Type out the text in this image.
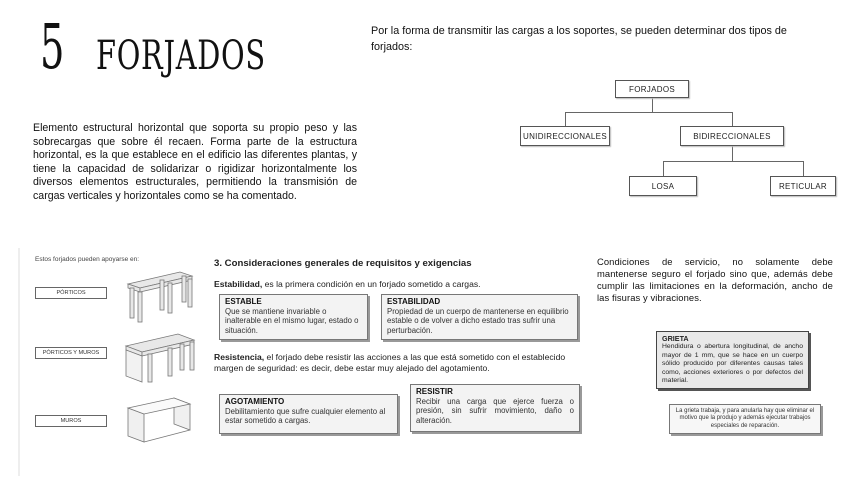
5 FORJADOS

Elemento estructural horizontal que soporta su propio peso y las sobrecargas que sobre él recaen. Forma parte de la estructura horizontal, es la que establece en el edificio las diferentes plantas, y tiene la capacidad de solidarizar o rigidizar horizontalmente los diversos elementos estructurales, permitiendo la transmisión de cargas verticales y horizontales como se ha comentado.

Por la forma de transmitir las cargas a los soportes, se pueden determinar dos tipos de forjados:

FORJADOS
UNIDIRECCIONALES	BIDIRECCIONALES
LOSA	RETICULAR
Estos forjados pueden apoyarse en:
PÓRTICOS
PÓRTICOS Y MUROS
MUROS
3. Consideraciones generales de requisitos y exigencias

Estabilidad, es la primera condición en un forjado sometido a cargas.

ESTABLE
Que se mantiene invariable o inalterable en el mismo lugar, estado o situación.
ESTABILIDAD
Propiedad de un cuerpo de mantenerse en equilibrio estable o de volver a dicho estado tras sufrir una perturbación.

Resistencia, el forjado debe resistir las acciones a las que está sometido con el establecido margen de seguridad: es decir, debe estar muy alejado del agotamiento.

AGOTAMIENTO
Debilitamiento que sufre cualquier elemento al estar sometido a cargas.
RESISTIR
Recibir una carga que ejerce fuerza o presión, sin sufrir movimiento, daño o alteración.

Condiciones de servicio, no solamente debe mantenerse seguro el forjado sino que, además debe cumplir las limitaciones en la deformación, ancho de las fisuras y vibraciones.

GRIETA
Hendidura o abertura longitudinal, de ancho mayor de 1 mm, que se hace en un cuerpo sólido producido por diferentes causas tales como, acciones exteriores o por defectos del material.
La grieta trabaja, y para anularla hay que eliminar el motivo que la produjo y además ejecutar trabajos especiales de reparación.
